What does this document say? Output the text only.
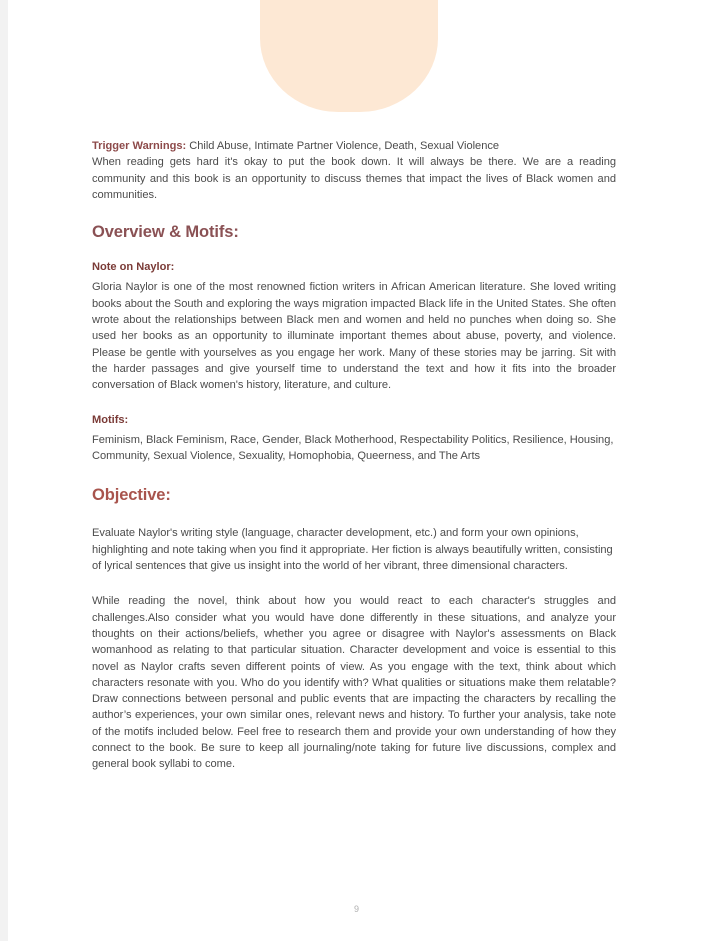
Trigger Warnings: Child Abuse, Intimate Partner Violence, Death, Sexual Violence

When reading gets hard it's okay to put the book down. It will always be there. We are a reading community and this book is an opportunity to discuss themes that impact the lives of Black women and communities.

Overview & Motifs:

Note on Naylor:

Gloria Naylor is one of the most renowned fiction writers in African American literature. She loved writing books about the South and exploring the ways migration impacted Black life in the United States. She often wrote about the relationships between Black men and women and held no punches when doing so. She used her books as an opportunity to illuminate important themes about abuse, poverty, and violence. Please be gentle with yourselves as you engage her work. Many of these stories may be jarring. Sit with the harder passages and give yourself time to understand the text and how it fits into the broader conversation of Black women's history, literature, and culture.

Motifs:

Feminism, Black Feminism, Race, Gender, Black Motherhood, Respectability Politics, Resilience, Housing, Community, Sexual Violence, Sexuality, Homophobia, Queerness, and The Arts

Objective:

Evaluate Naylor's writing style (language, character development, etc.) and form your own opinions, highlighting and note taking when you find it appropriate. Her fiction is always beautifully written, consisting of lyrical sentences that give us insight into the world of her vibrant, three dimensional characters.

While reading the novel, think about how you would react to each character's struggles and challenges.Also consider what you would have done differently in these situations, and analyze your thoughts on their actions/beliefs, whether you agree or disagree with Naylor's assessments on Black womanhood as relating to that particular situation. Character development and voice is essential to this novel as Naylor crafts seven different points of view. As you engage with the text, think about which characters resonate with you. Who do you identify with? What qualities or situations make them relatable? Draw connections between personal and public events that are impacting the characters by recalling the author’s experiences, your own similar ones, relevant news and history. To further your analysis, take note of the motifs included below. Feel free to research them and provide your own understanding of how they connect to the book. Be sure to keep all journaling/note taking for future live discussions, complex and general book syllabi to come.

9
